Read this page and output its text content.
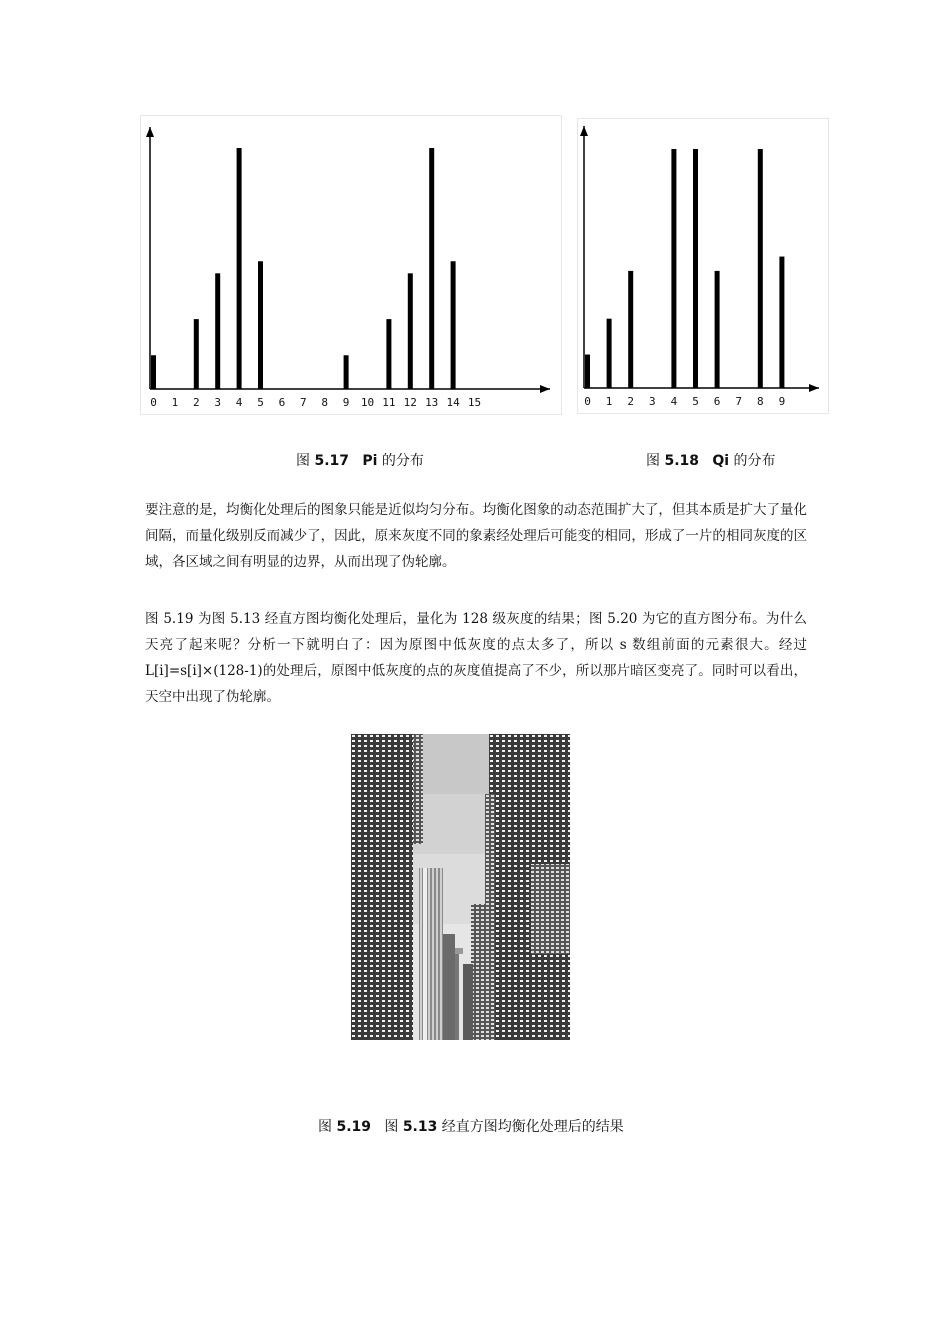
0 1 2 3 4 5 6 7 8 9 10 11 12 13 14 15	0 1 2 3 4 5 6 7 8 9
图 5.17 Pi 的分布	图 5.18 Qi 的分布

要注意的是，均衡化处理后的图象只能是近似均匀分布。均衡化图象的动态范围扩大了，但其本质是扩大了量化间隔，而量化级别反而减少了，因此，原来灰度不同的象素经处理后可能变的相同，形成了一片的相同灰度的区域，各区域之间有明显的边界，从而出现了伪轮廓。

图 5.19 为图 5.13 经直方图均衡化处理后，量化为 128 级灰度的结果；图 5.20 为它的直方图分布。为什么天亮了起来呢？分析一下就明白了：因为原图中低灰度的点太多了，所以 s 数组前面的元素很大。经过 L[i]=s[i]×(128-1)的处理后，原图中低灰度的点的灰度值提高了不少，所以那片暗区变亮了。同时可以看出，天空中出现了伪轮廓。

图 5.19 图 5.13 经直方图均衡化处理后的结果
